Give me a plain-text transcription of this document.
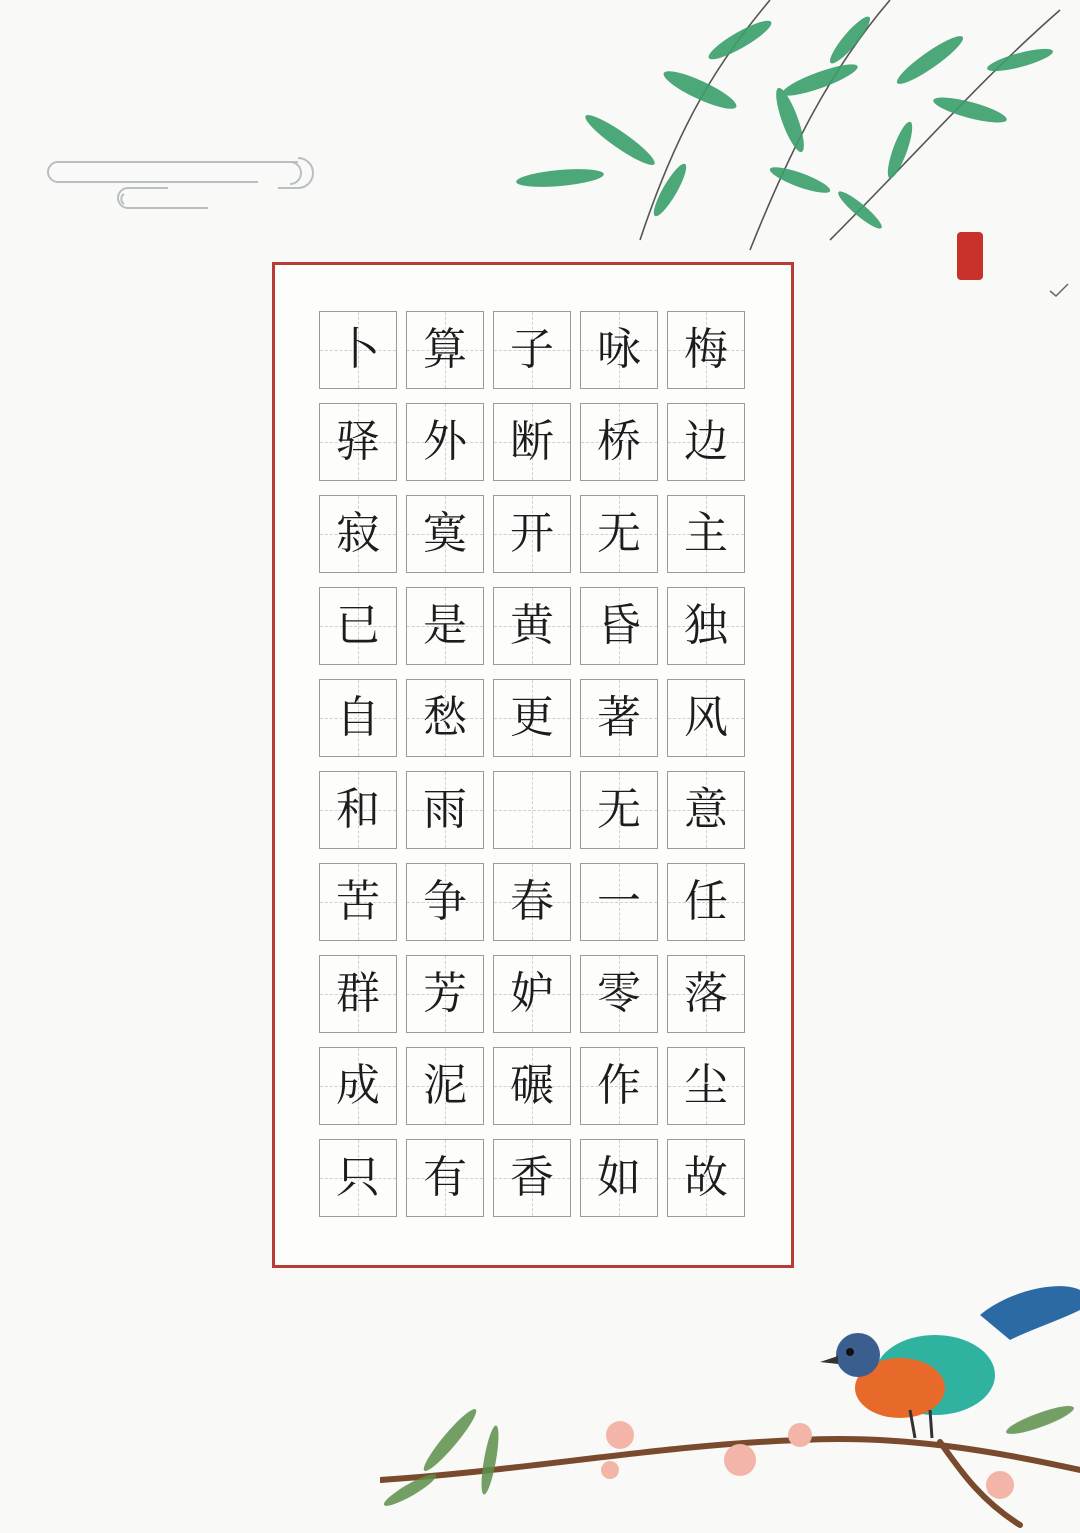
卜 算 子 咏 梅
驿 外 断 桥 边
寂 寞 开 无 主
已 是 黄 昏 独
自 愁 更 著 风
和 雨	无 意
苦 争 春 一 任
群 芳 妒 零 落
成 泥 碾 作 尘
只 有 香 如 故
